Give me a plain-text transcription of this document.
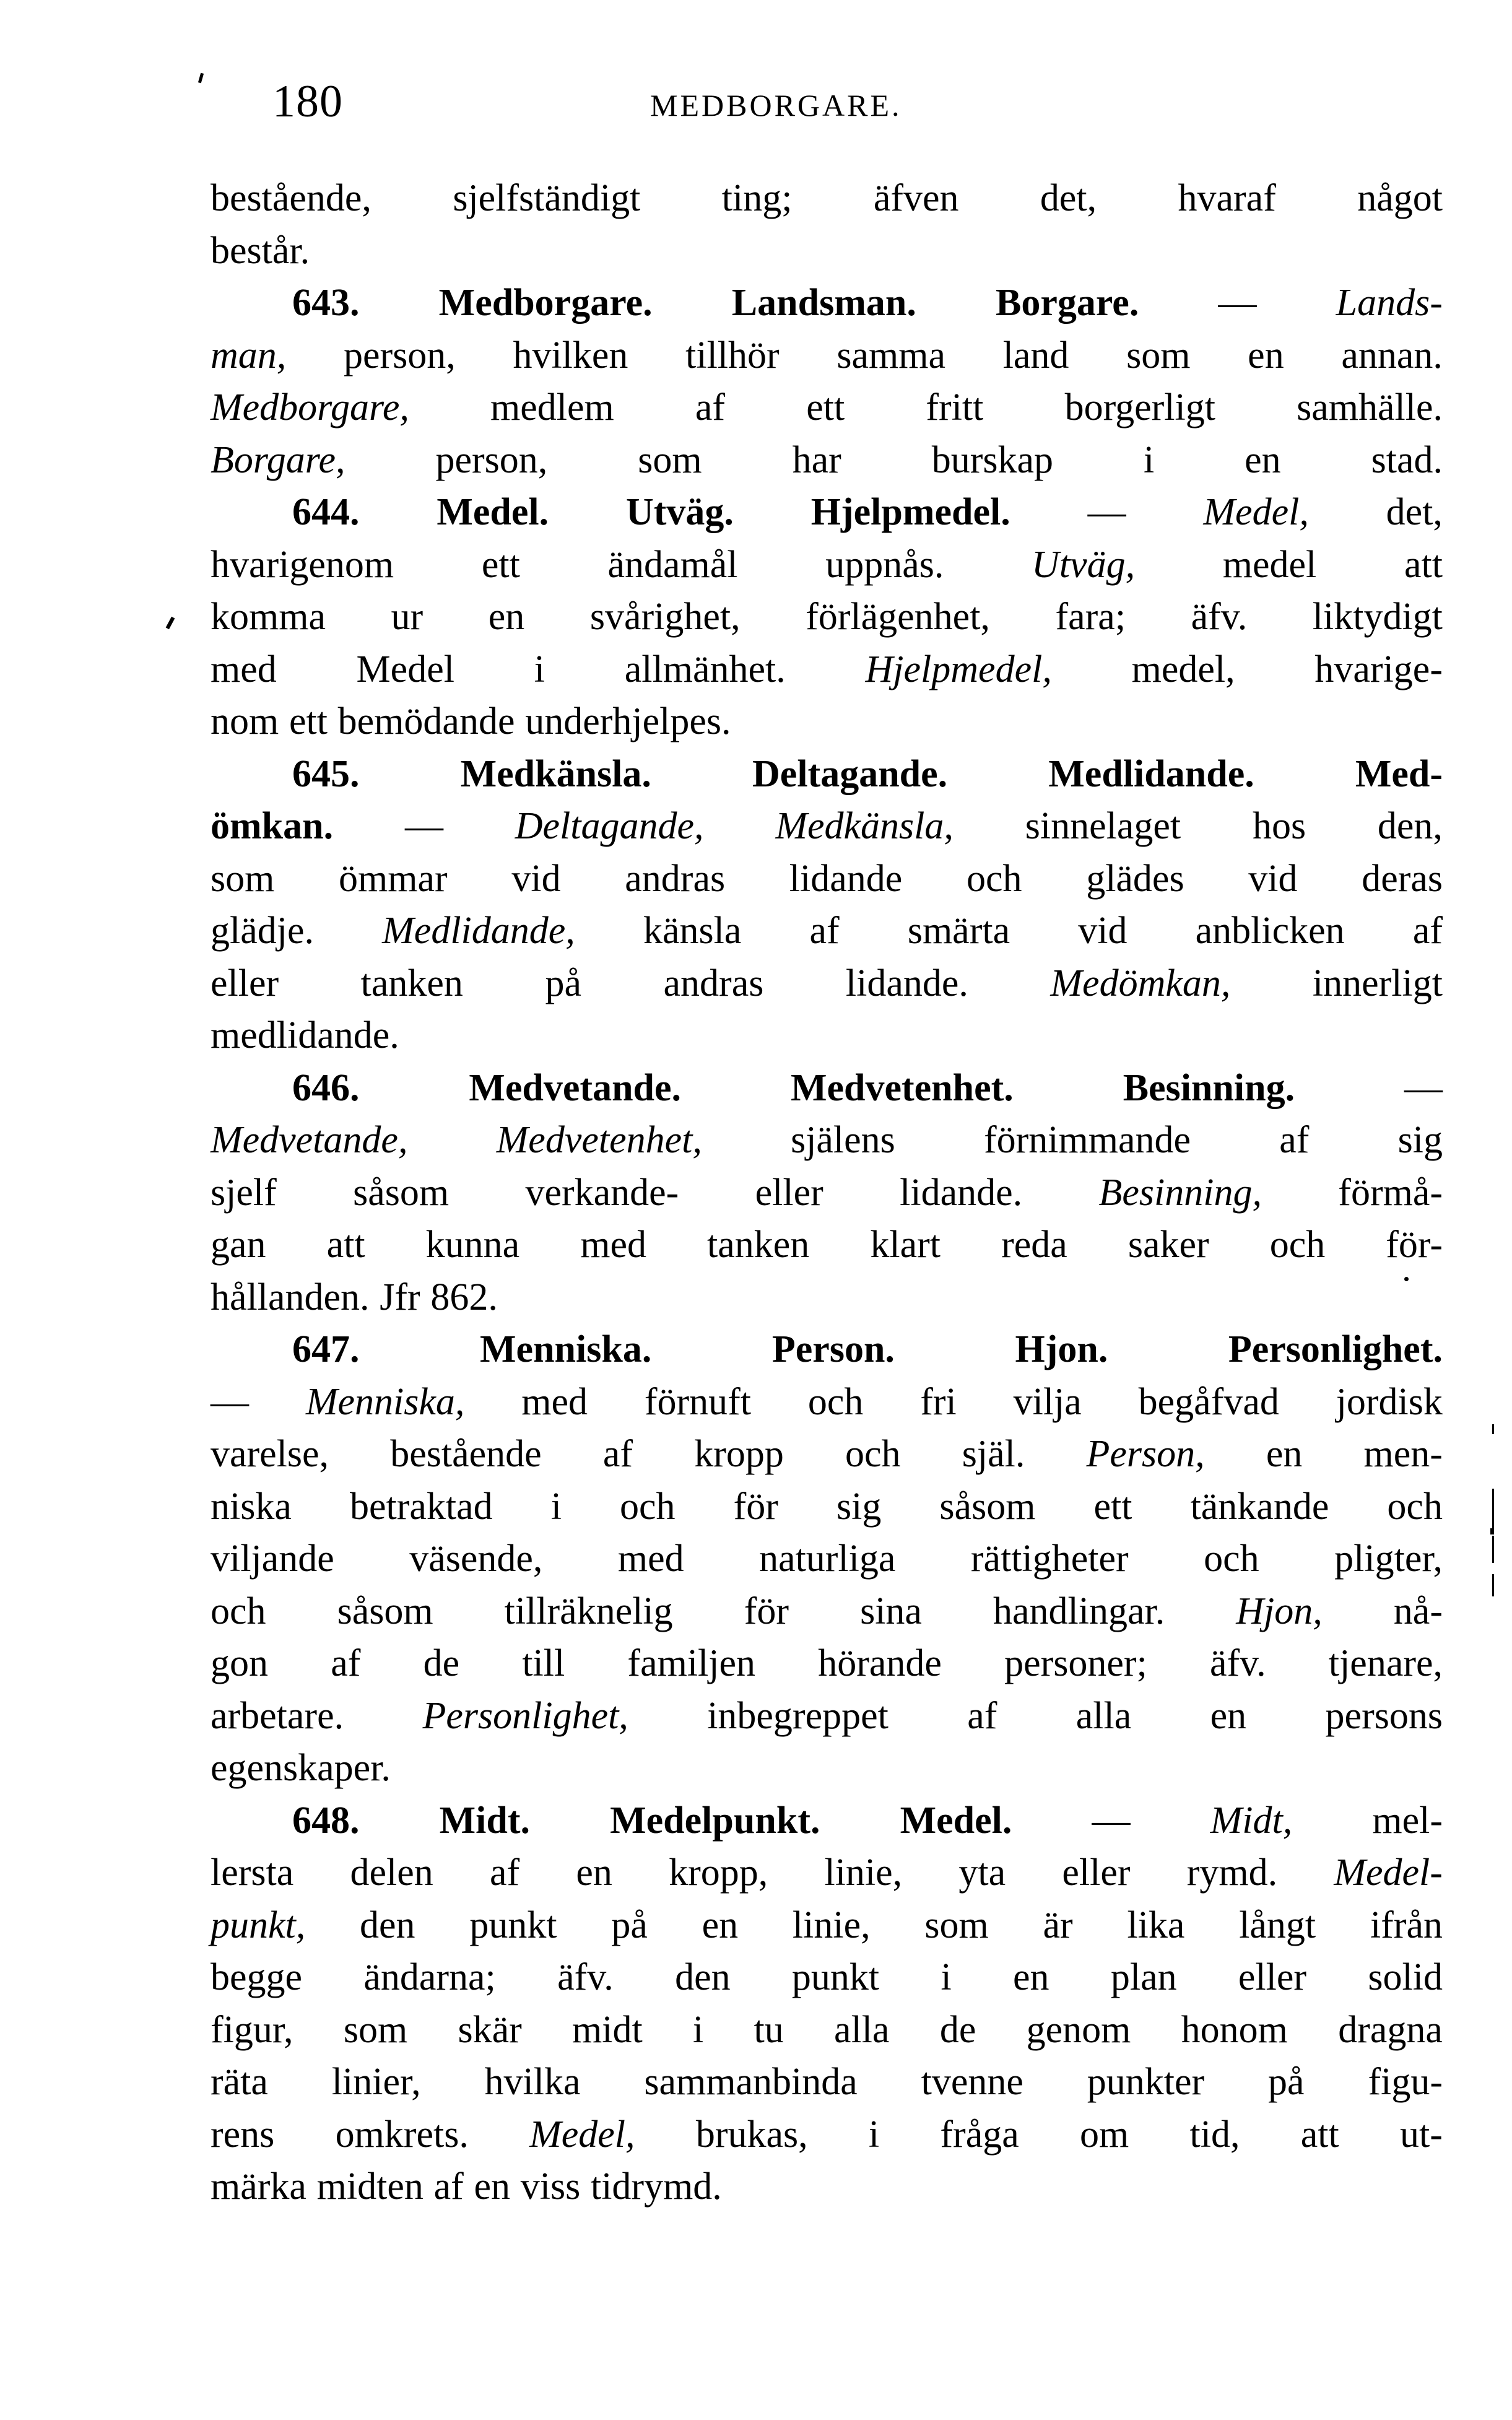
180	MEDBORGARE.
bestående, sjelfständigt ting; äfven det, hvaraf något
består.
643. Medborgare. Landsman. Borgare. — Lands-
man, person, hvilken tillhör samma land som en annan.
Medborgare, medlem af ett fritt borgerligt samhälle.
Borgare, person, som har burskap i en stad.
644. Medel. Utväg. Hjelpmedel. — Medel, det,
hvarigenom ett ändamål uppnås. Utväg, medel att
komma ur en svårighet, förlägenhet, fara; äfv. liktydigt
med Medel i allmänhet. Hjelpmedel, medel, hvarige-
nom ett bemödande underhjelpes.
645.	Medkänsla.	Deltagande.	Medlidande.	Med-
ömkan. — Deltagande, Medkänsla, sinnelaget hos den,
som ömmar vid andras lidande och glädes vid deras
glädje. Medlidande, känsla af smärta vid anblicken af
eller tanken på andras lidande. Medömkan, innerligt
medlidande.
646.	Medvetande.	Medvetenhet.	Besinning.	—
Medvetande, Medvetenhet, själens förnimmande af sig
sjelf såsom verkande- eller lidande. Besinning, förmå-
gan att kunna med tanken klart reda saker och för-
hållanden. Jfr 862.
647.	Menniska.	Person.	Hjon.	Personlighet.
— Menniska, med förnuft och fri vilja begåfvad jordisk
varelse, bestående af kropp och själ. Person, en men-
niska betraktad i och för sig såsom ett tänkande och
viljande väsende, med naturliga rättigheter och pligter,
och såsom tillräknelig för sina handlingar. Hjon, nå-
gon af de till familjen hörande personer; äfv. tjenare,
arbetare. Personlighet, inbegreppet af alla en persons
egenskaper.
648. Midt. Medelpunkt. Medel. — Midt, mel-
lersta delen af en kropp, linie, yta eller rymd. Medel-
punkt, den punkt på en linie, som är lika långt ifrån
begge ändarna; äfv. den punkt i en plan eller solid
figur, som skär midt i tu alla de genom honom dragna
räta linier, hvilka sammanbinda tvenne punkter på figu-
rens omkrets. Medel, brukas, i fråga om tid, att ut-
märka midten af en viss tidrymd.
